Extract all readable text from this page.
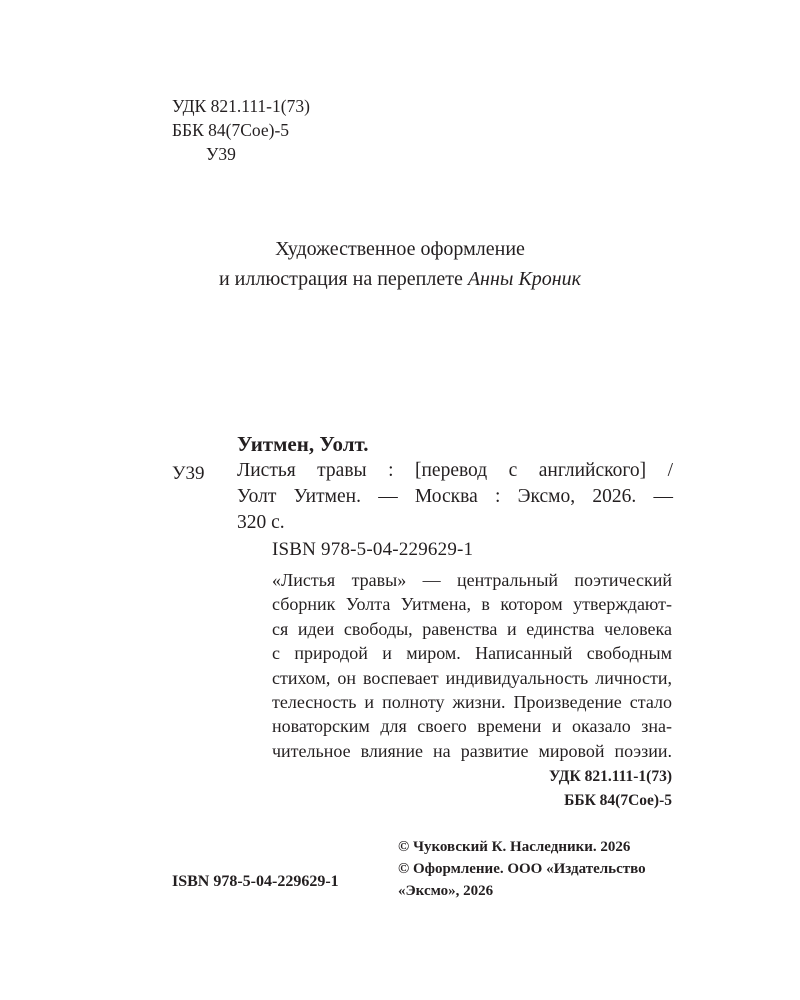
УДК 821.111-1(73)
ББК 84(7Сое)-5
У39
Художественное оформление
и иллюстрация на переплете Анны Кроник
Уитмен, Уолт.
У39 Листья травы : [перевод с английского] /
Уолт Уитмен. — Москва : Эксмо, 2026. —
320 с.
ISBN 978-5-04-229629-1
«Листья травы» — центральный поэтический
сборник Уолта Уитмена, в котором утверждают-
ся идеи свободы, равенства и единства человека
с природой и миром. Написанный свободным
стихом, он воспевает индивидуальность личности,
телесность и полноту жизни. Произведение стало
новаторским для своего времени и оказало зна-
чительное влияние на развитие мировой поэзии.
УДК 821.111-1(73)
ББК 84(7Сое)-5
© Чуковский К. Наследники. 2026
© Оформление. ООО «Издательство
«Эксмо», 2026
ISBN 978-5-04-229629-1
